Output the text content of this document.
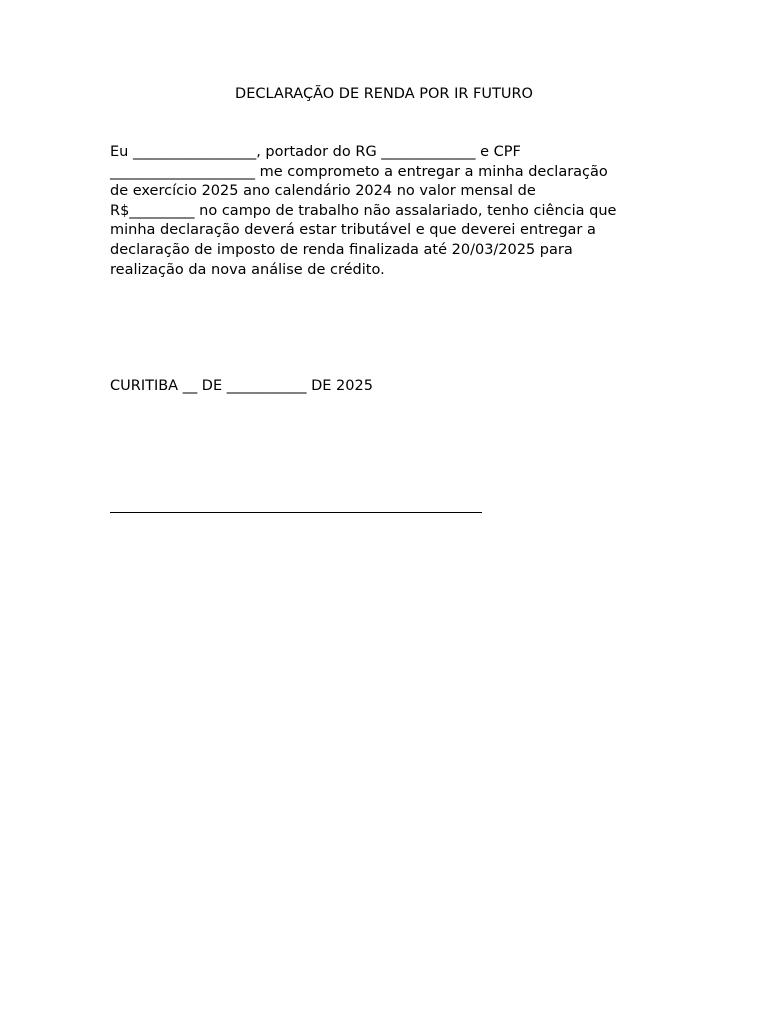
DECLARAÇÃO DE RENDA POR IR FUTURO
Eu _________________, portador do RG _____________ e CPF
____________________ me comprometo a entregar a minha declaração
de exercício 2025 ano calendário 2024 no valor mensal de
R$_________ no campo de trabalho não assalariado, tenho ciência que
minha declaração deverá estar tributável e que deverei entregar a
declaração de imposto de renda finalizada até 20/03/2025 para
realização da nova análise de crédito.
CURITIBA __ DE ___________ DE 2025
